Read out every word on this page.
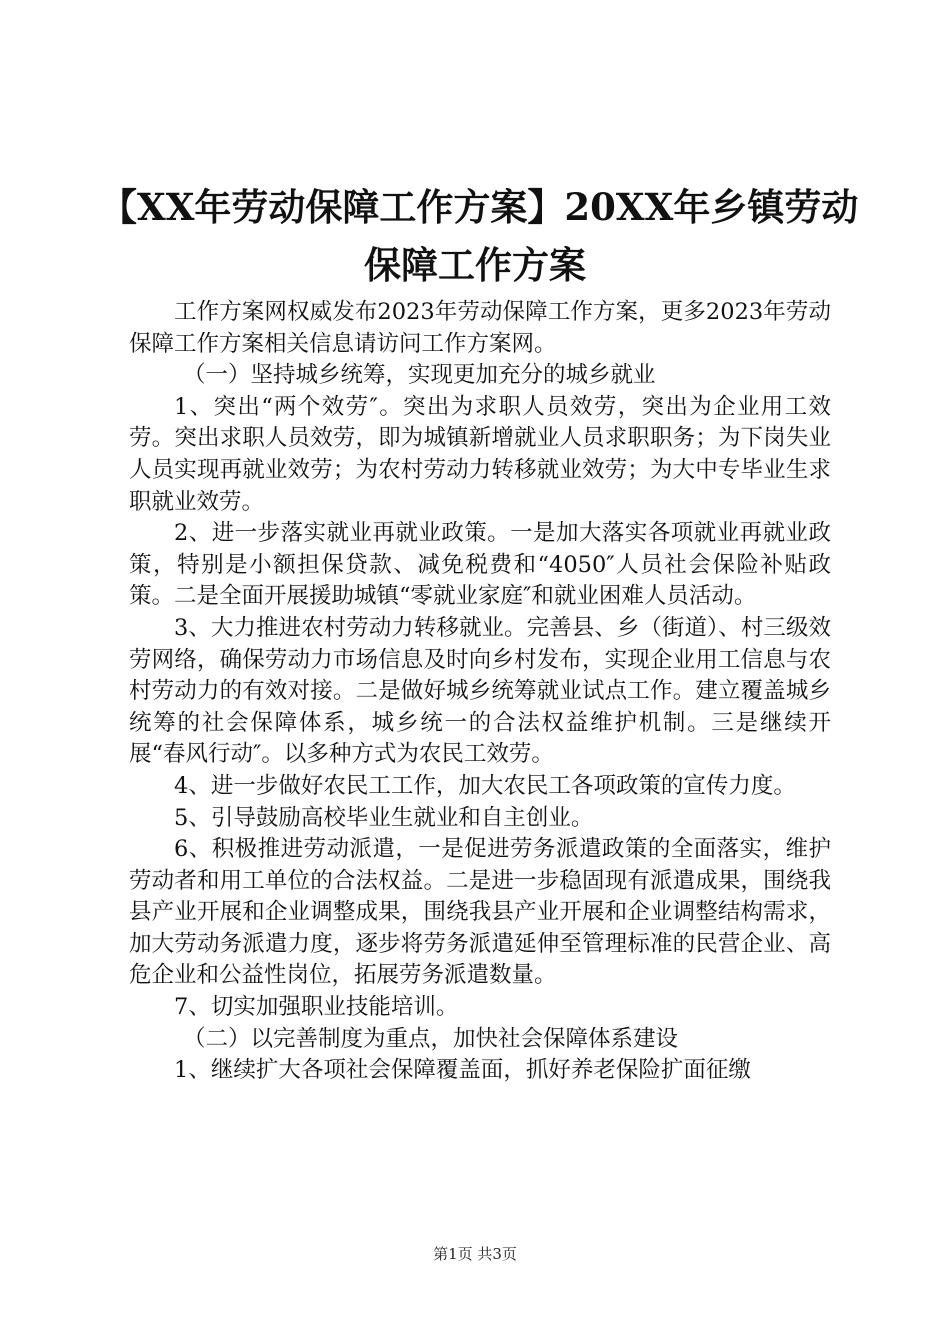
【XX年劳动保障工作方案】20XX年乡镇劳动
保障工作方案

工作方案网权威发布2023年劳动保障工作方案，更多2023年劳动保障工作方案相关信息请访问工作方案网。

（一）坚持城乡统筹，实现更加充分的城乡就业

1、突出“两个效劳″。突出为求职人员效劳，突出为企业用工效劳。突出求职人员效劳，即为城镇新增就业人员求职职务；为下岗失业人员实现再就业效劳；为农村劳动力转移就业效劳；为大中专毕业生求职就业效劳。

2、进一步落实就业再就业政策。一是加大落实各项就业再就业政策，特别是小额担保贷款、减免税费和“4050″人员社会保险补贴政策。二是全面开展援助城镇“零就业家庭″和就业困难人员活动。

3、大力推进农村劳动力转移就业。完善县、乡（街道）、村三级效劳网络，确保劳动力市场信息及时向乡村发布，实现企业用工信息与农村劳动力的有效对接。二是做好城乡统筹就业试点工作。建立覆盖城乡统筹的社会保障体系，城乡统一的合法权益维护机制。三是继续开展“春风行动″。以多种方式为农民工效劳。

4、进一步做好农民工工作，加大农民工各项政策的宣传力度。

5、引导鼓励高校毕业生就业和自主创业。

6、积极推进劳动派遣，一是促进劳务派遣政策的全面落实，维护劳动者和用工单位的合法权益。二是进一步稳固现有派遣成果，围绕我县产业开展和企业调整成果，围绕我县产业开展和企业调整结构需求，加大劳动务派遣力度，逐步将劳务派遣延伸至管理标准的民营企业、高危企业和公益性岗位，拓展劳务派遣数量。

7、切实加强职业技能培训。

（二）以完善制度为重点，加快社会保障体系建设

1、继续扩大各项社会保障覆盖面，抓好养老保险扩面征缴

第1页 共3页
